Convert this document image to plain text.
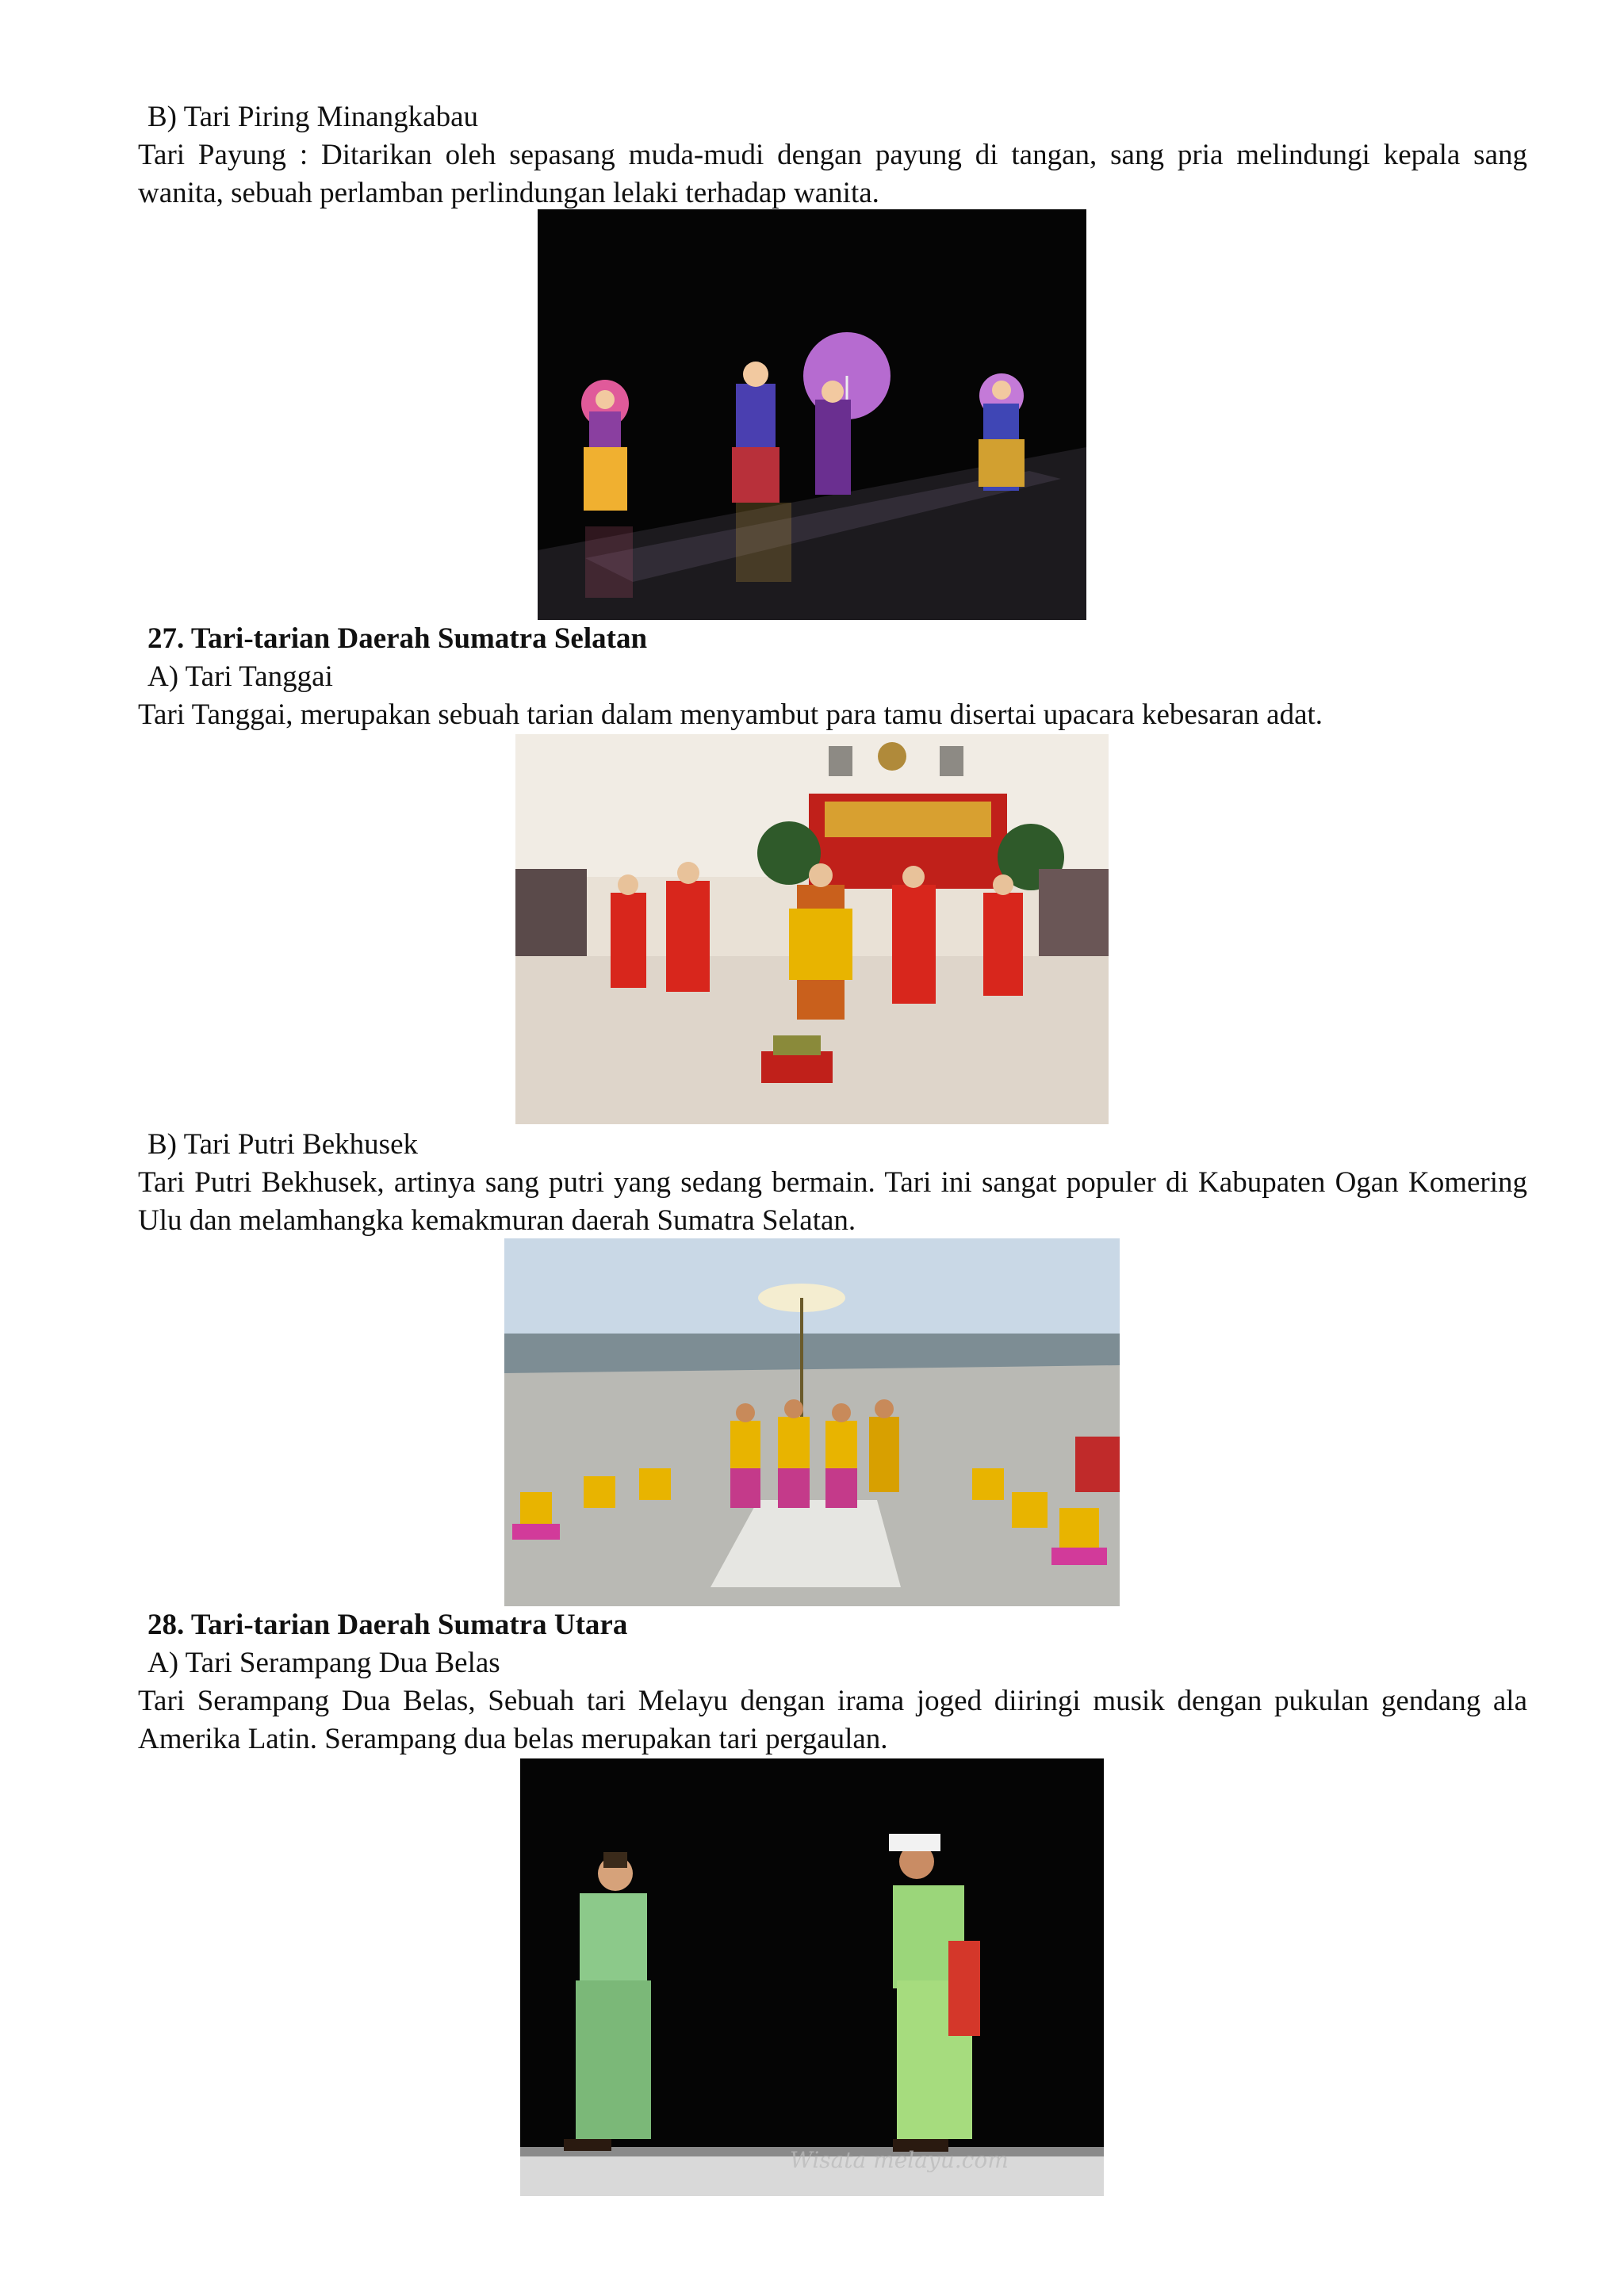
B) Tari Piring Minangkabau
Tari Payung : Ditarikan oleh sepasang muda-mudi dengan payung di tangan, sang pria melindungi kepala sang wanita, sebuah perlamban perlindungan lelaki terhadap wanita.
27. Tari-tarian Daerah Sumatra Selatan
A) Tari Tanggai
Tari Tanggai, merupakan sebuah tarian dalam menyambut para tamu disertai upacara kebesaran adat.
B) Tari Putri Bekhusek
Tari Putri Bekhusek, artinya sang putri yang sedang bermain. Tari ini sangat populer di Kabupaten Ogan Komering Ulu dan melamhangka kemakmuran daerah Sumatra Selatan.
28. Tari-tarian Daerah Sumatra Utara
A) Tari Serampang Dua Belas
Tari Serampang Dua Belas, Sebuah tari Melayu dengan irama joged diiringi musik dengan pukulan gendang ala Amerika Latin. Serampang dua belas merupakan tari pergaulan.
Wisata melayu.com
